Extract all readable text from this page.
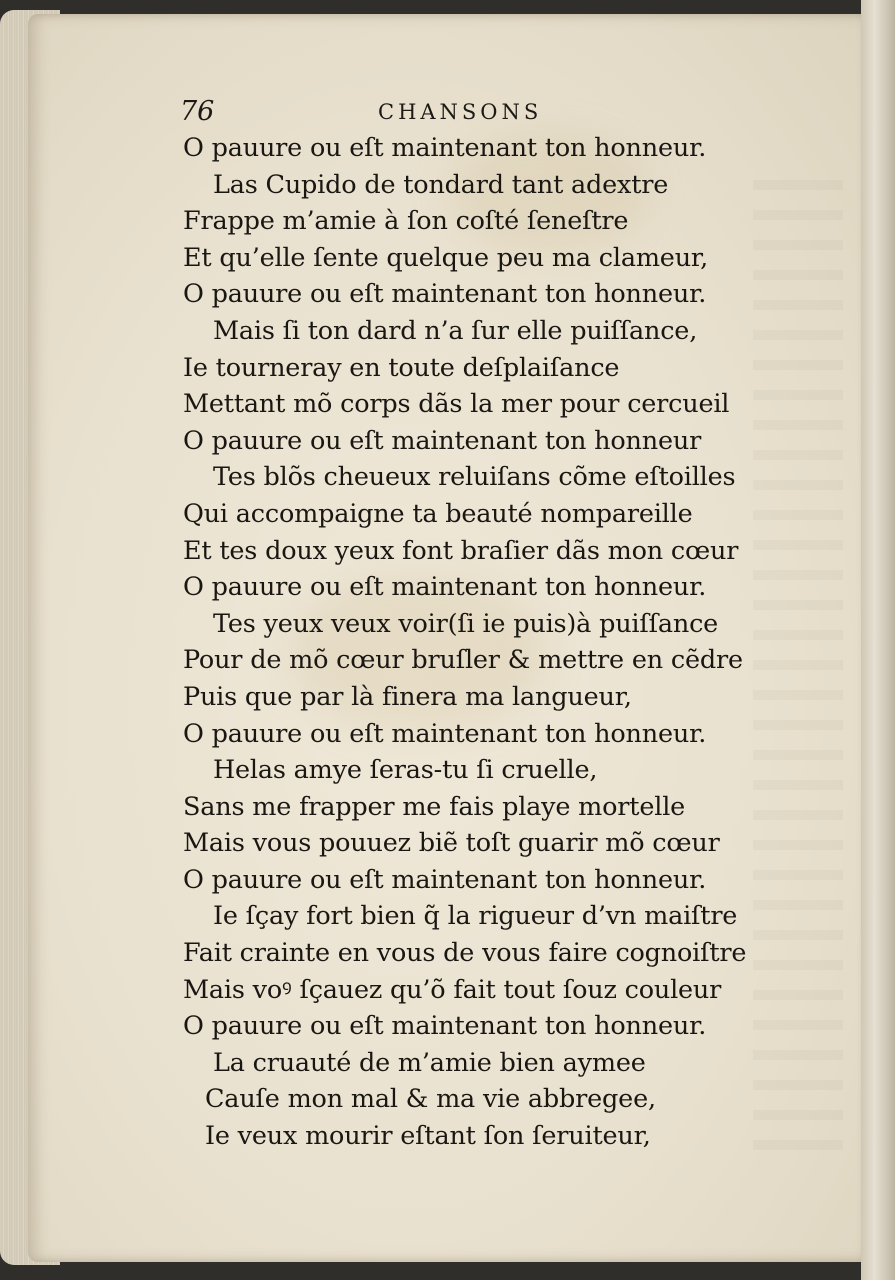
76	CHANSONS
O pauure ou eſt maintenant ton honneur.
Las Cupido de tondard tant adextre
Frappe m’amie à ſon coſté ſeneſtre
Et qu’elle ſente quelque peu ma clameur,
O pauure ou eſt maintenant ton honneur.
Mais ſi ton dard n’a ſur elle puiſſance,
Ie tourneray en toute deſplaiſance
Mettant mõ corps dãs la mer pour cercueil
O pauure ou eſt maintenant ton honneur
Tes blõs cheueux reluiſans cõme eſtoilles
Qui accompaigne ta beauté nompareille
Et tes doux yeux font braſier dãs mon cœur
O pauure ou eſt maintenant ton honneur.
Tes yeux veux voir(ſi ie puis)à puiſſance
Pour de mõ cœur bruſler & mettre en cẽdre
Puis que par là finera ma langueur,
O pauure ou eſt maintenant ton honneur.
Helas amye ſeras-tu ſi cruelle,
Sans me frapper me fais playe mortelle
Mais vous pouuez biẽ toſt guarir mõ cœur
O pauure ou eſt maintenant ton honneur.
Ie ſçay fort bien q̃ la rigueur d’vn maiſtre
Fait crainte en vous de vous faire cognoiſtre
Mais voꝰ ſçauez qu’õ fait tout ſouz couleur
O pauure ou eſt maintenant ton honneur.
La cruauté de m’amie bien aymee
Cauſe mon mal & ma vie abbregee,
Ie veux mourir eſtant ſon ſeruiteur,
